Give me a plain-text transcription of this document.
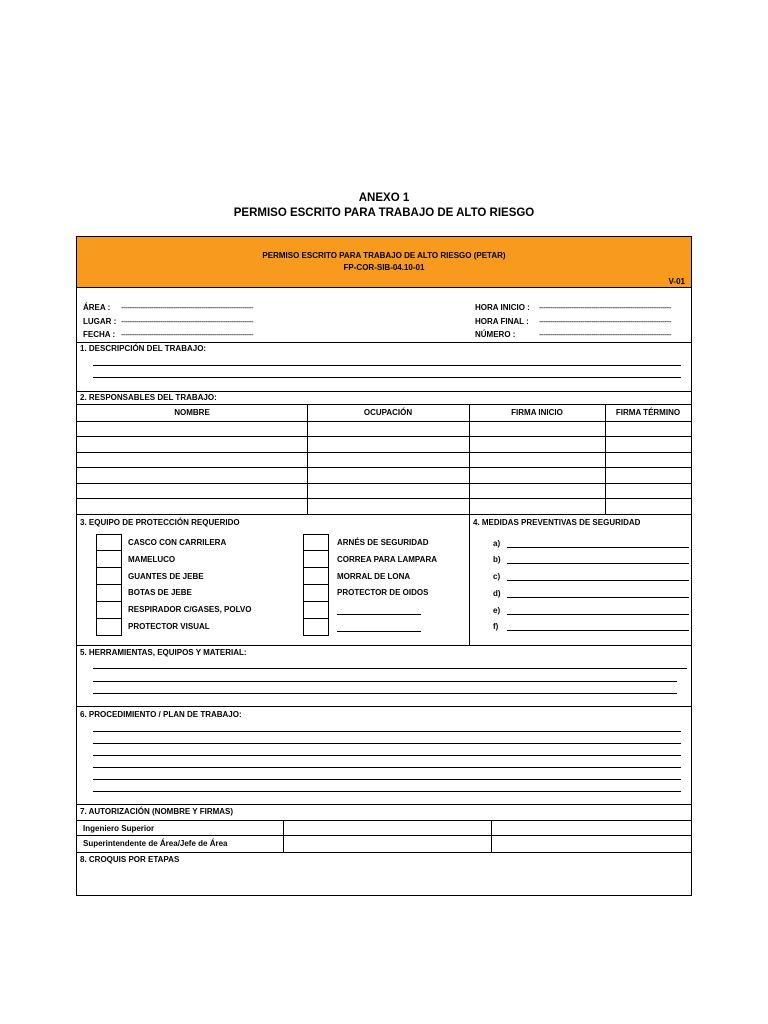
ANEXO 1
PERMISO ESCRITO PARA TRABAJO DE ALTO RIESGO
PERMISO ESCRITO PARA TRABAJO DE ALTO RIESGO (PETAR)
FP-COR-SIB-04.10-01
V-01
ÁREA : -------------------------------------------------------------
LUGAR : -------------------------------------------------------------
FECHA : -------------------------------------------------------------
HORA INICIO : -------------------------------------------------------------
HORA FINAL : -------------------------------------------------------------
NÚMERO :	-------------------------------------------------------------
1. DESCRIPCIÓN DEL TRABAJO:
2. RESPONSABLES DEL TRABAJO:
NOMBRE	OCUPACIÓN	FIRMA INICIO	FIRMA TÉRMINO
3. EQUIPO DE PROTECCIÓN REQUERIDO	4. MEDIDAS PREVENTIVAS DE SEGURIDAD
CASCO CON CARRILERA
MAMELUCO
GUANTES DE JEBE
BOTAS DE JEBE
RESPIRADOR C/GASES, POLVO
PROTECTOR VISUAL
ARNÉS DE SEGURIDAD
CORREA PARA LAMPARA
MORRAL DE LONA
PROTECTOR DE OIDOS
a)
b)
c)
d)
e)
f)
5. HERRAMIENTAS, EQUIPOS Y MATERIAL:
6. PROCEDIMIENTO / PLAN DE TRABAJO:
7. AUTORIZACIÓN (NOMBRE Y FIRMAS)
Ingeniero Superior
Superintendente de Área/Jefe de Área
8. CROQUIS POR ETAPAS
